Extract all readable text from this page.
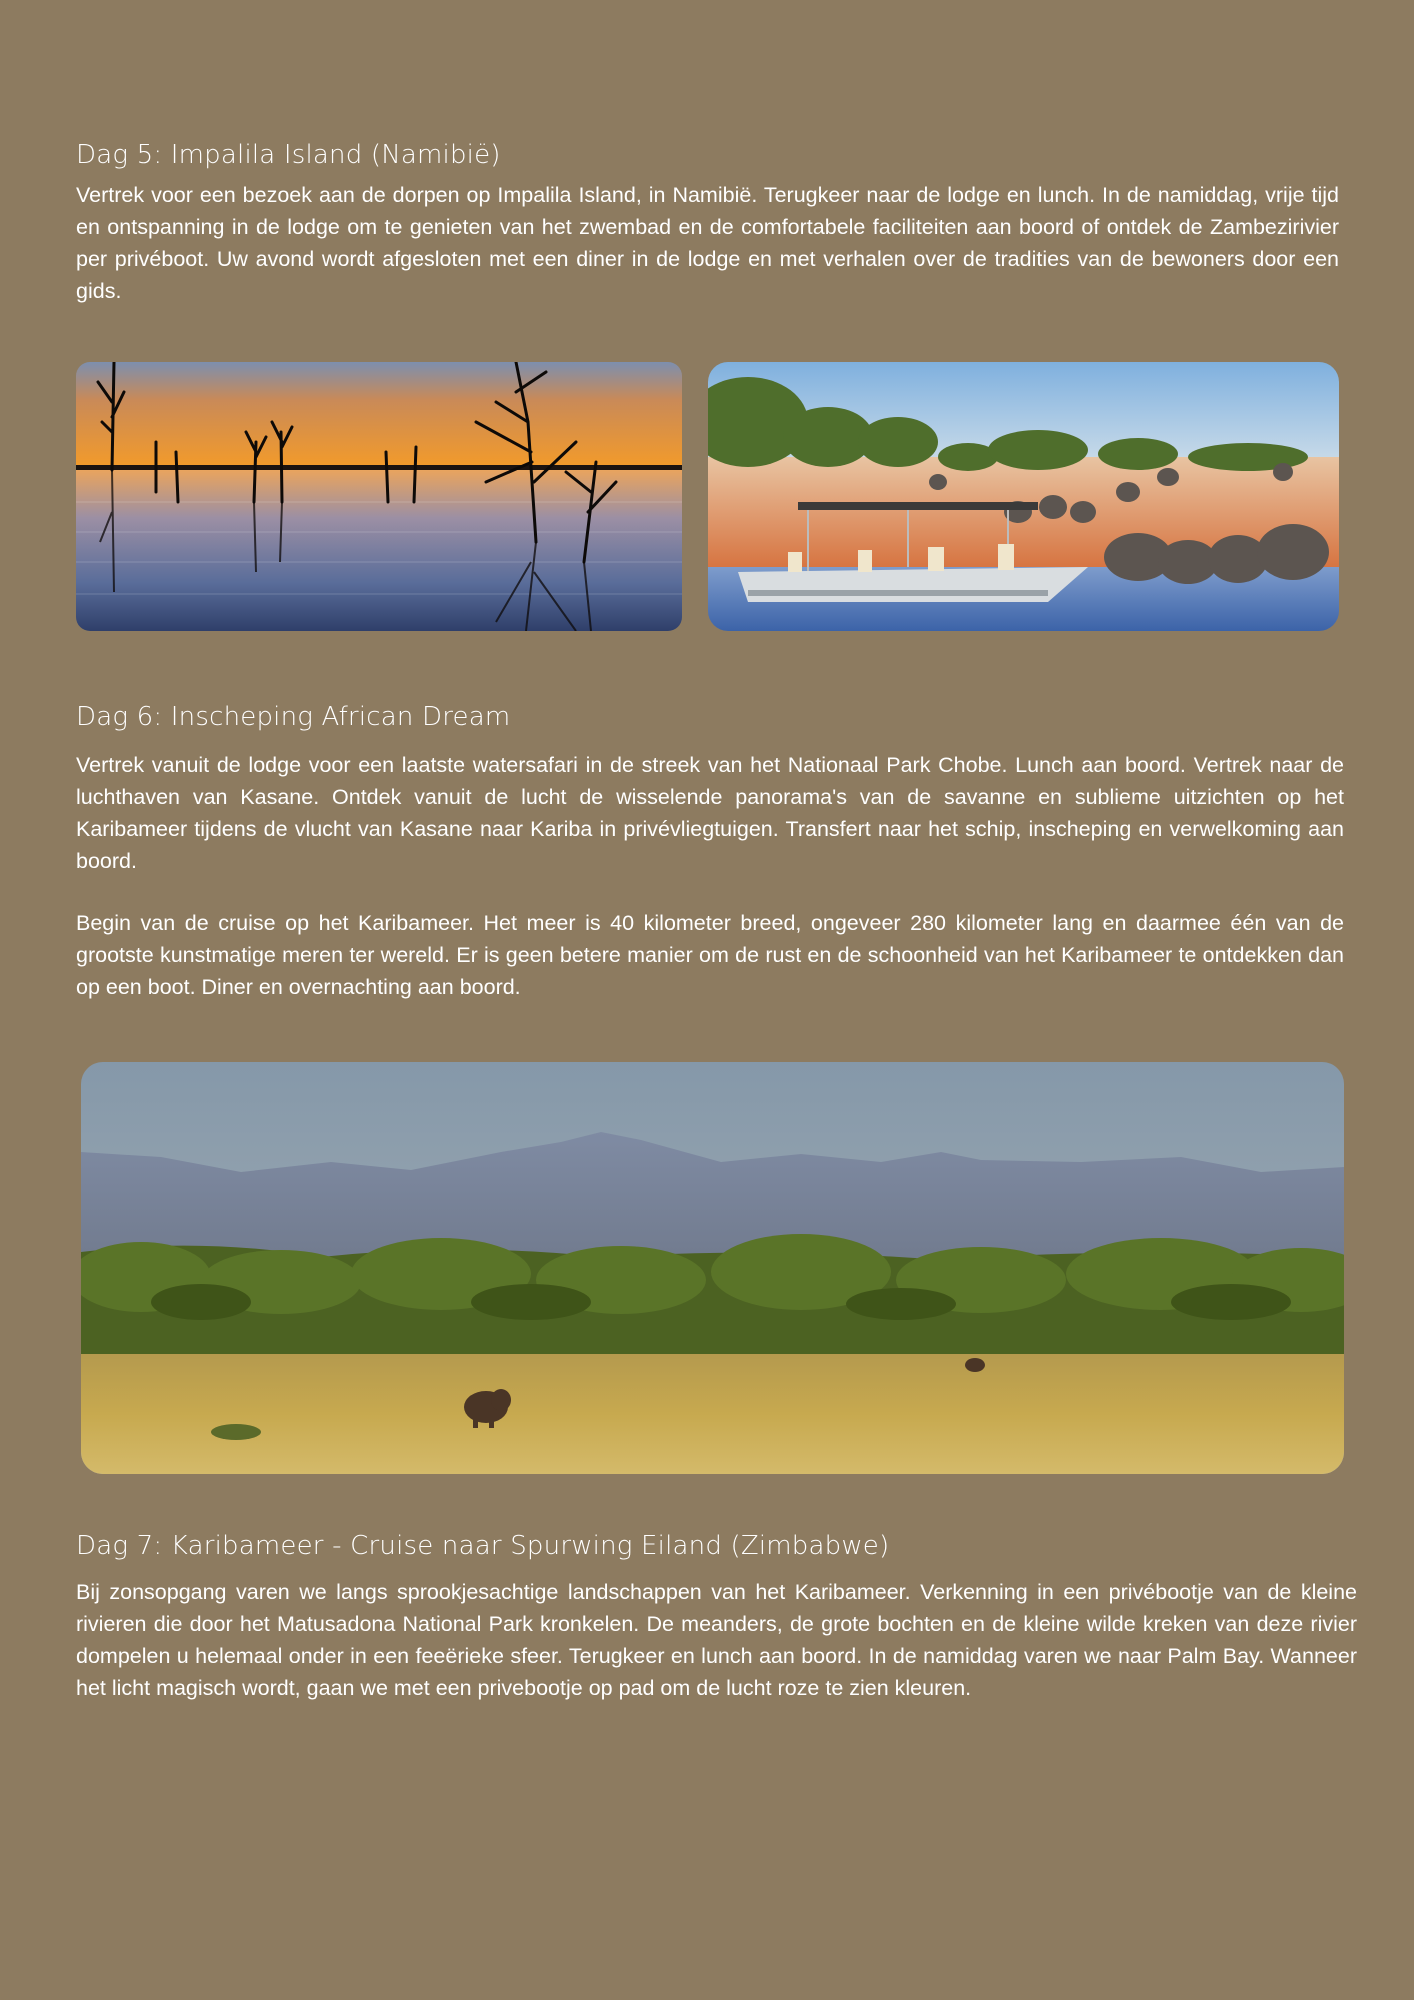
Dag 5: Impalila Island (Namibië)

Vertrek voor een bezoek aan de dorpen op Impalila Island, in Namibië. Terugkeer naar de lodge en lunch. In de namiddag, vrije tijd en ontspanning in de lodge om te genieten van het zwembad en de comfortabele faciliteiten aan boord of ontdek de Zambezirivier per privéboot. Uw avond wordt afgesloten met een diner in de lodge en met verhalen over de tradities van de bewoners door een gids.

Dag 6: Inscheping African Dream

Vertrek vanuit de lodge voor een laatste watersafari in de streek van het Nationaal Park Chobe. Lunch aan boord. Vertrek naar de luchthaven van Kasane. Ontdek vanuit de lucht de wisselende panorama's van de savanne en sublieme uitzichten op het Karibameer tijdens de vlucht van Kasane naar Kariba in privévliegtuigen. Transfert naar het schip, inscheping en verwelkoming aan boord.

Begin van de cruise op het Karibameer. Het meer is 40 kilometer breed, ongeveer 280 kilometer lang en daarmee één van de grootste kunstmatige meren ter wereld. Er is geen betere manier om de rust en de schoonheid van het Karibameer te ontdekken dan op een boot. Diner en overnachting aan boord.

Dag 7: Karibameer - Cruise naar Spurwing Eiland (Zimbabwe)

Bij zonsopgang varen we langs sprookjesachtige landschappen van het Karibameer. Verkenning in een privébootje van de kleine rivieren die door het Matusadona National Park kronkelen. De meanders, de grote bochten en de kleine wilde kreken van deze rivier dompelen u helemaal onder in een feeërieke sfeer. Terugkeer en lunch aan boord. In de namiddag varen we naar Palm Bay. Wanneer het licht magisch wordt, gaan we met een privebootje op pad om de lucht roze te zien kleuren.
